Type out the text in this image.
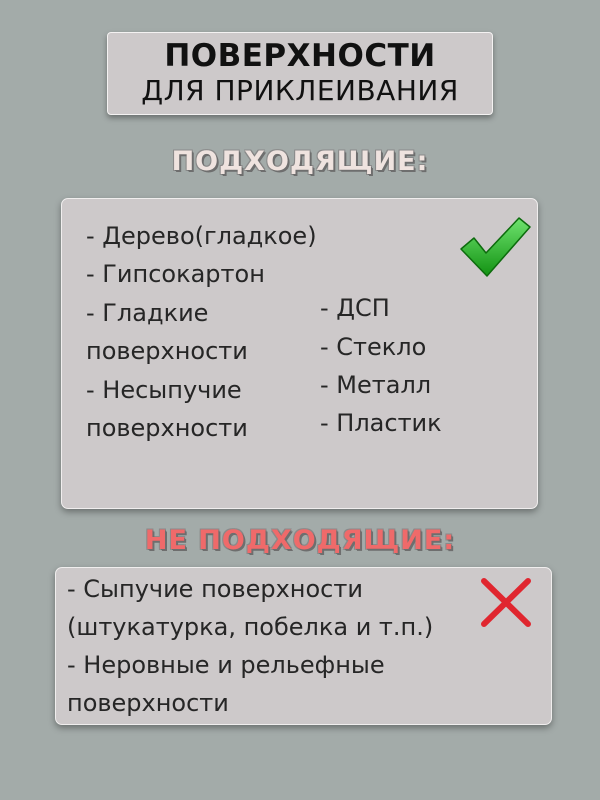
ПОВЕРХНОСТИ
ДЛЯ ПРИКЛЕИВАНИЯ
ПОДХОДЯЩИЕ:
- Дерево(гладкое)
- Гипсокартон
- Гладкие поверхности
- Несыпучие поверхности
- ДСП
- Стекло
- Металл
- Пластик
НЕ ПОДХОДЯЩИЕ:
- Сыпучие поверхности (штукатурка, побелка и т.п.)
- Неровные и рельефные поверхности
